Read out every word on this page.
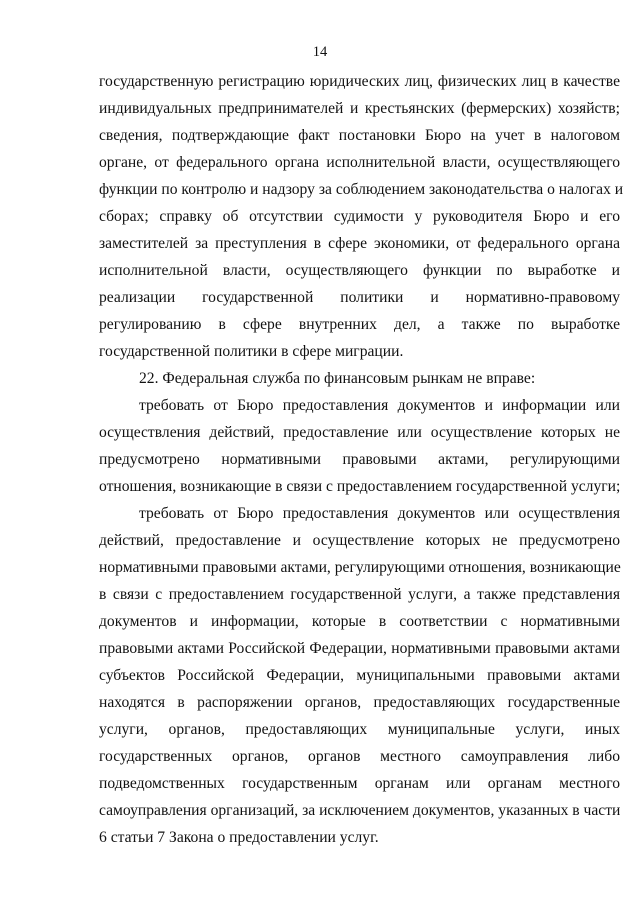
14
государственную регистрацию юридических лиц, физических лиц в качестве
индивидуальных предпринимателей и крестьянских (фермерских) хозяйств;
сведения, подтверждающие факт постановки Бюро на учет в налоговом
органе, от федерального органа исполнительной власти, осуществляющего
функции по контролю и надзору за соблюдением законодательства о налогах и
сборах; справку об отсутствии судимости у руководителя Бюро и его
заместителей за преступления в сфере экономики, от федерального органа
исполнительной власти, осуществляющего функции по выработке и
реализации государственной политики и нормативно-правовому
регулированию в сфере внутренних дел, а также по выработке
государственной политики в сфере миграции.
22. Федеральная служба по финансовым рынкам не вправе:
требовать от Бюро предоставления документов и информации или
осуществления действий, предоставление или осуществление которых не
предусмотрено нормативными правовыми актами, регулирующими
отношения, возникающие в связи с предоставлением государственной услуги;
требовать от Бюро предоставления документов или осуществления
действий, предоставление и осуществление которых не предусмотрено
нормативными правовыми актами, регулирующими отношения, возникающие
в связи с предоставлением государственной услуги, а также представления
документов и информации, которые в соответствии с нормативными
правовыми актами Российской Федерации, нормативными правовыми актами
субъектов Российской Федерации, муниципальными правовыми актами
находятся в распоряжении органов, предоставляющих государственные
услуги, органов, предоставляющих муниципальные услуги, иных
государственных органов, органов местного самоуправления либо
подведомственных государственным органам или органам местного
самоуправления организаций, за исключением документов, указанных в части
6 статьи 7 Закона о предоставлении услуг.
